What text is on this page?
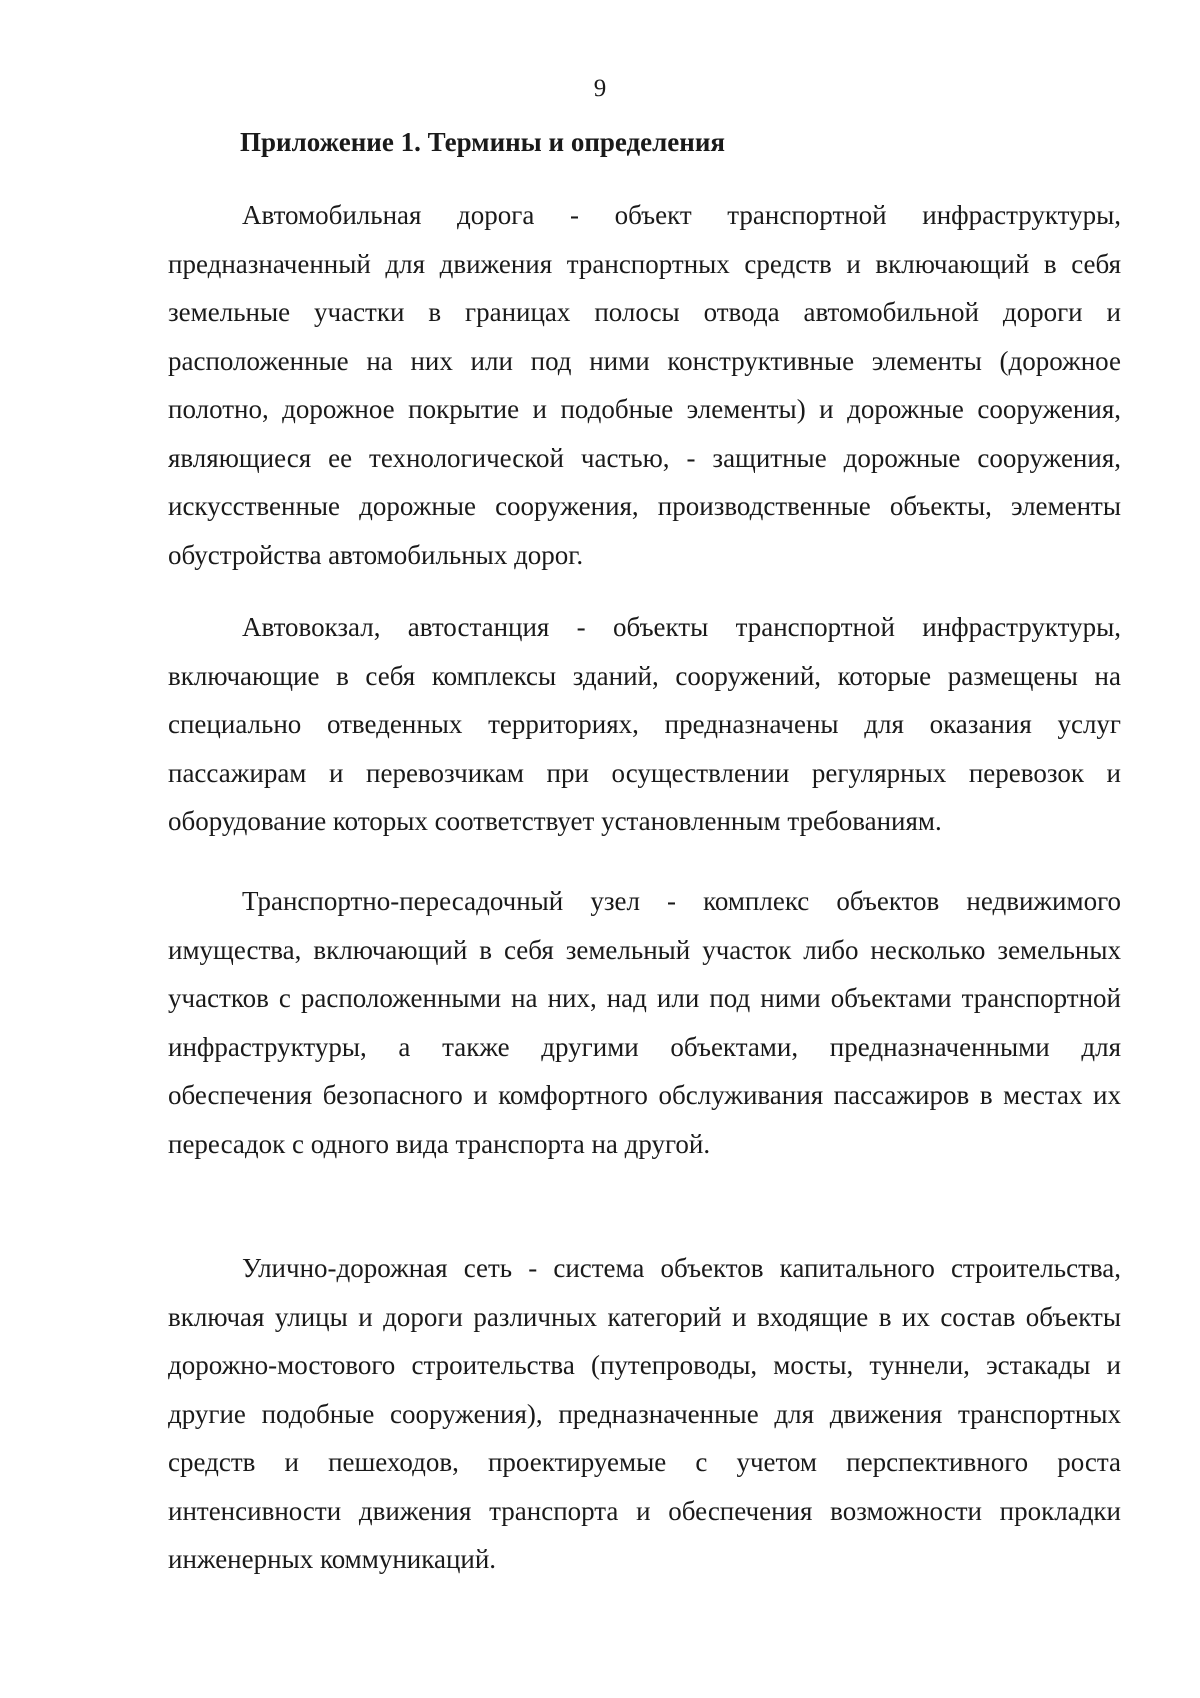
9
Приложение 1. Термины и определения

Автомобильная дорога - объект транспортной инфраструктуры, предназначенный для движения транспортных средств и включающий в себя земельные участки в границах полосы отвода автомобильной дороги и расположенные на них или под ними конструктивные элементы (дорожное полотно, дорожное покрытие и подобные элементы) и дорожные сооружения, являющиеся ее технологической частью, - защитные дорожные сооружения, искусственные дорожные сооружения, производственные объекты, элементы обустройства автомобильных дорог.

Автовокзал, автостанция - объекты транспортной инфраструктуры, включающие в себя комплексы зданий, сооружений, которые размещены на специально отведенных территориях, предназначены для оказания услуг пассажирам и перевозчикам при осуществлении регулярных перевозок и оборудование которых соответствует установленным требованиям.

Транспортно-пересадочный узел - комплекс объектов недвижимого имущества, включающий в себя земельный участок либо несколько земельных участков с расположенными на них, над или под ними объектами транспортной инфраструктуры, а также другими объектами, предназначенными для обеспечения безопасного и комфортного обслуживания пассажиров в местах их пересадок с одного вида транспорта на другой.

Улично-дорожная сеть - система объектов капитального строительства, включая улицы и дороги различных категорий и входящие в их состав объекты дорожно-мостового строительства (путепроводы, мосты, туннели, эстакады и другие подобные сооружения), предназначенные для движения транспортных средств и пешеходов, проектируемые с учетом перспективного роста интенсивности движения транспорта и обеспечения возможности прокладки инженерных коммуникаций.
